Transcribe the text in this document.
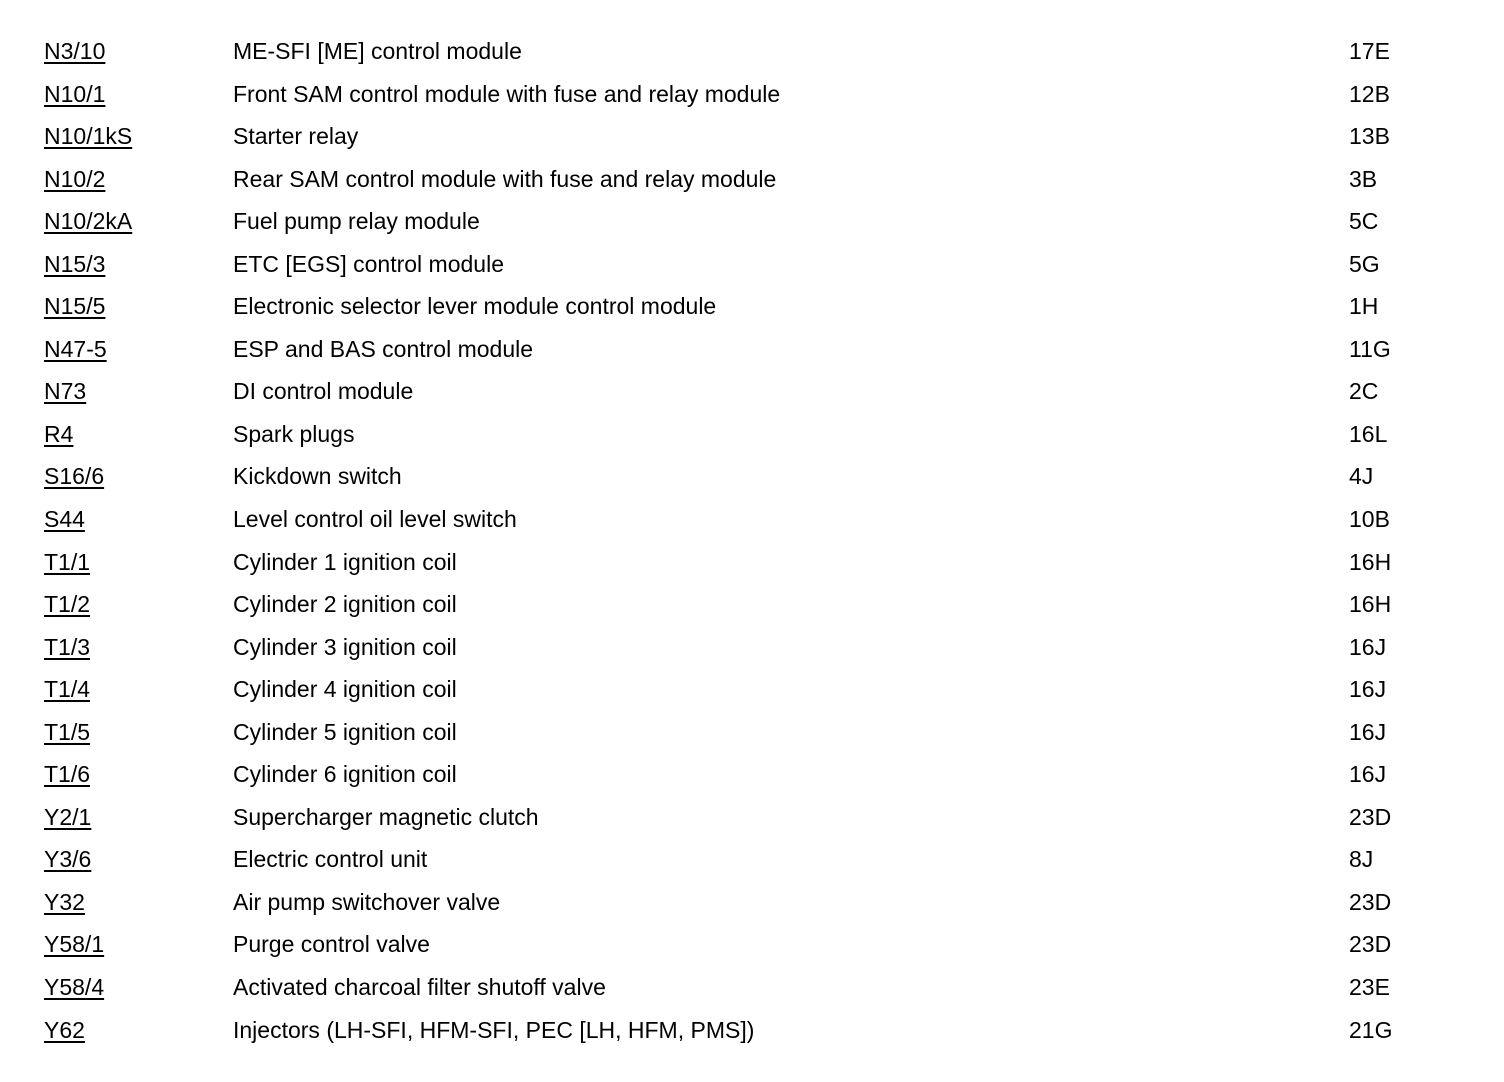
N3/10	ME-SFI [ME] control module	17E
N10/1	Front SAM control module with fuse and relay module	12B
N10/1kS	Starter relay	13B
N10/2	Rear SAM control module with fuse and relay module	3B
N10/2kA	Fuel pump relay module	5C
N15/3	ETC [EGS] control module	5G
N15/5	Electronic selector lever module control module	1H
N47-5	ESP and BAS control module	11G
N73	DI control module	2C
R4	Spark plugs	16L
S16/6	Kickdown switch	4J
S44	Level control oil level switch	10B
T1/1	Cylinder 1 ignition coil	16H
T1/2	Cylinder 2 ignition coil	16H
T1/3	Cylinder 3 ignition coil	16J
T1/4	Cylinder 4 ignition coil	16J
T1/5	Cylinder 5 ignition coil	16J
T1/6	Cylinder 6 ignition coil	16J
Y2/1	Supercharger magnetic clutch	23D
Y3/6	Electric control unit	8J
Y32	Air pump switchover valve	23D
Y58/1	Purge control valve	23D
Y58/4	Activated charcoal filter shutoff valve	23E
Y62	Injectors (LH-SFI, HFM-SFI, PEC [LH, HFM, PMS])	21G
